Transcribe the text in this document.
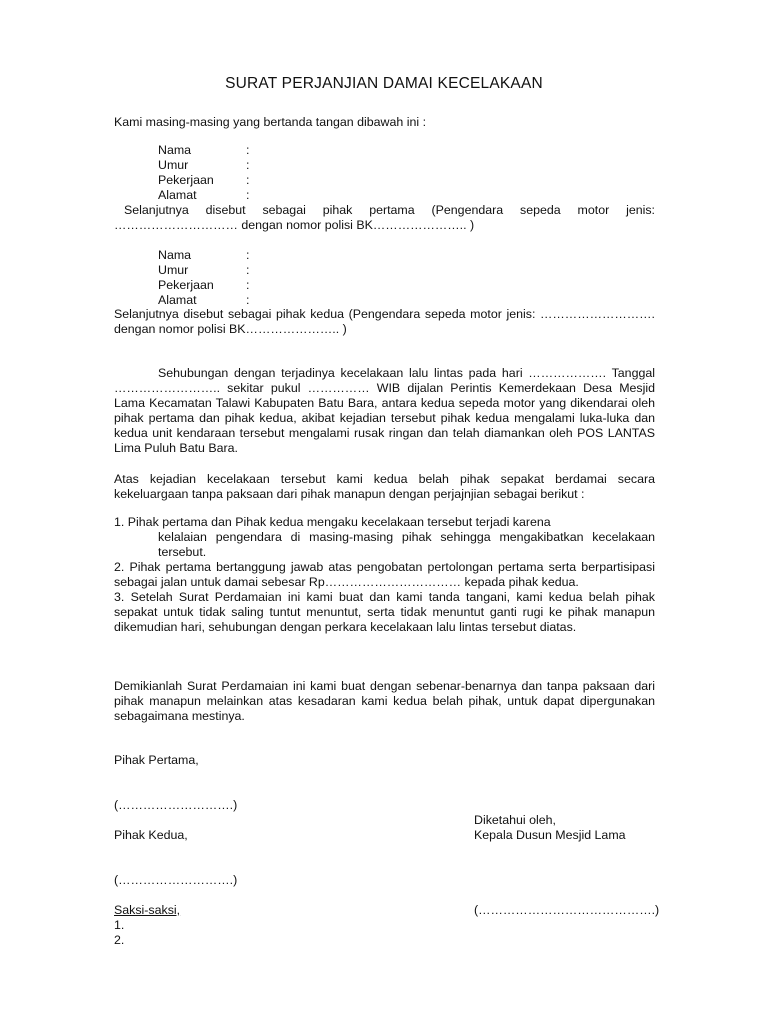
SURAT PERJANJIAN DAMAI KECELAKAAN
Kami masing-masing yang bertanda tangan dibawah ini :
Nama	:
Umur	:
Pekerjaan	:
Alamat	:
Selanjutnya disebut sebagai pihak pertama (Pengendara sepeda motor jenis: ………………………… dengan nomor polisi BK………………….. )
Nama	:
Umur	:
Pekerjaan	:
Alamat	:
Selanjutnya disebut sebagai pihak kedua (Pengendara sepeda motor jenis: ………………………. dengan nomor polisi BK………………….. )
Sehubungan dengan terjadinya kecelakaan lalu lintas pada hari ………………. Tanggal …………………….. sekitar pukul …………… WIB dijalan Perintis Kemerdekaan Desa Mesjid Lama Kecamatan Talawi Kabupaten Batu Bara, antara kedua sepeda motor yang dikendarai oleh pihak pertama dan pihak kedua, akibat kejadian tersebut pihak kedua mengalami luka-luka dan kedua unit kendaraan tersebut mengalami rusak ringan dan telah diamankan oleh POS LANTAS Lima Puluh Batu Bara.
Atas kejadian kecelakaan tersebut kami kedua belah pihak sepakat berdamai secara kekeluargaan tanpa paksaan dari pihak manapun dengan perjajnjian sebagai berikut :

1. Pihak pertama dan Pihak kedua mengaku kecelakaan tersebut terjadi karena

kelalaian pengendara di masing-masing pihak sehingga mengakibatkan kecelakaan tersebut.

2. Pihak pertama bertanggung jawab atas pengobatan pertolongan pertama serta berpartisipasi sebagai jalan untuk damai sebesar Rp…………………………… kepada pihak kedua.

3. Setelah Surat Perdamaian ini kami buat dan kami tanda tangani, kami kedua belah pihak sepakat untuk tidak saling tuntut menuntut, serta tidak menuntut ganti rugi ke pihak manapun dikemudian hari, sehubungan dengan perkara kecelakaan lalu lintas tersebut diatas.

Demikianlah Surat Perdamaian ini kami buat dengan sebenar-benarnya dan tanpa paksaan dari pihak manapun melainkan atas kesadaran kami kedua belah pihak, untuk dapat dipergunakan sebagaimana mestinya.
Pihak Pertama,
(……………………….)
Diketahui oleh,
Pihak Kedua,	Kepala Dusun Mesjid Lama
(……………………….)
Saksi-saksi,	(…………………………………….)
1.
2.
